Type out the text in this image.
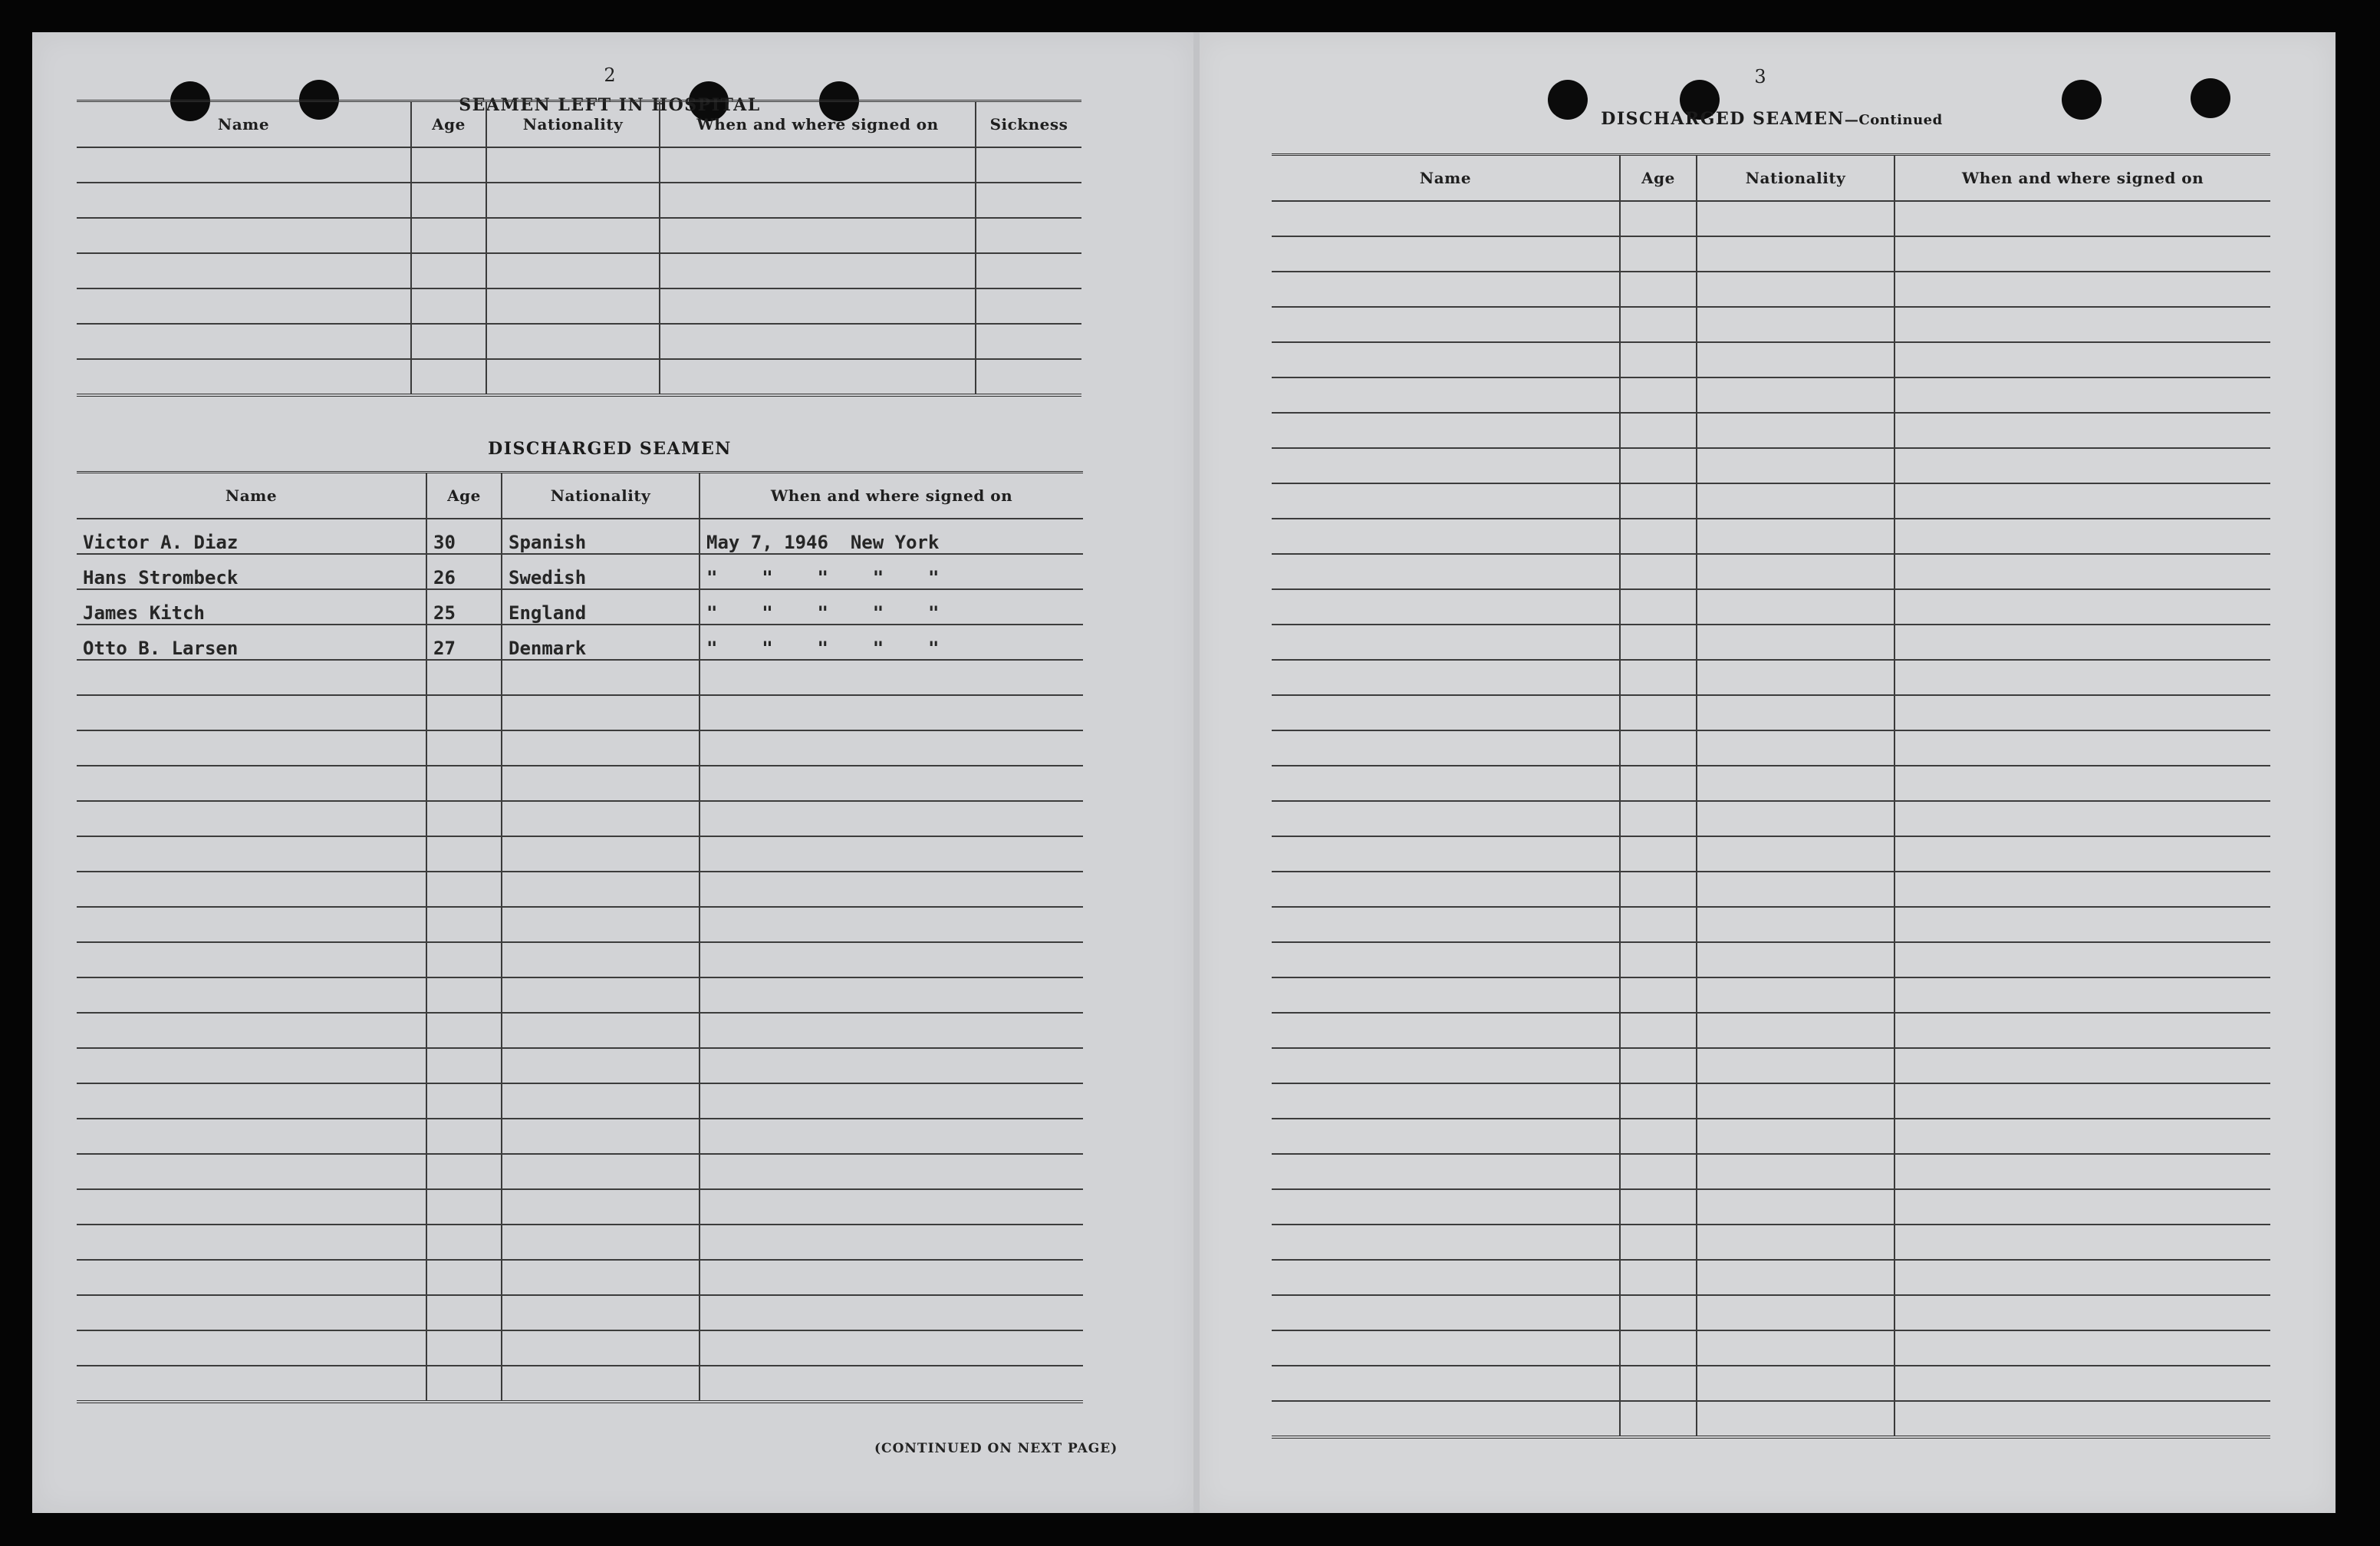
2
SEAMEN LEFT IN HOSPITAL
Name	Age	Nationality	When and where signed on	Sickness

DISCHARGED SEAMEN
Name	Age	Nationality	When and where signed on
Victor A. Diaz	30	Spanish	May 7, 1946  New York
Hans Strombeck	26	Swedish	"    "    "    "    "
James Kitch	25	England	"    "    "    "    "
Otto B. Larsen	27	Denmark	"    "    "    "    "

(CONTINUED ON NEXT PAGE)
3
DISCHARGED SEAMEN—Continued
Name	Age	Nationality	When and where signed on
